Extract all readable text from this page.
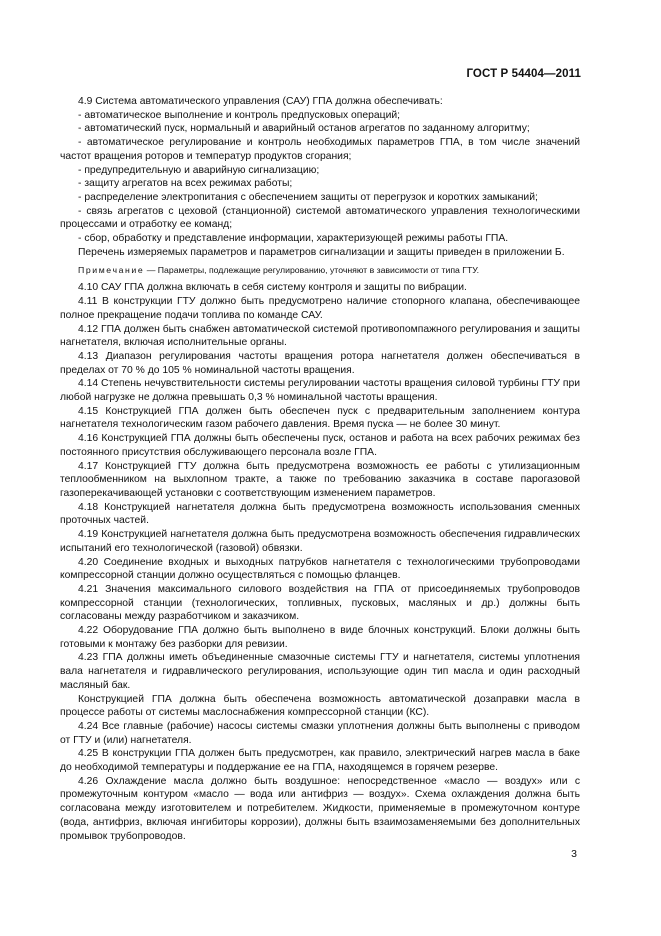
ГОСТ Р 54404—2011

4.9 Система автоматического управления (САУ) ГПА должна обеспечивать:

- автоматическое выполнение и контроль предпусковых операций;

- автоматический пуск, нормальный и аварийный останов агрегатов по заданному алгоритму;

- автоматическое регулирование и контроль необходимых параметров ГПА, в том числе значений частот вращения роторов и температур продуктов сгорания;

- предупредительную и аварийную сигнализацию;

- защиту агрегатов на всех режимах работы;

- распределение электропитания с обеспечением защиты от перегрузок и коротких замыканий;

- связь агрегатов с цеховой (станционной) системой автоматического управления технологическими процессами и отработку ее команд;

- сбор, обработку и представление информации, характеризующей режимы работы ГПА.

Перечень измеряемых параметров и параметров сигнализации и защиты приведен в приложении Б.

Примечание — Параметры, подлежащие регулированию, уточняют в зависимости от типа ГТУ.

4.10 САУ ГПА должна включать в себя систему контроля и защиты по вибрации.

4.11 В конструкции ГТУ должно быть предусмотрено наличие стопорного клапана, обеспечивающее полное прекращение подачи топлива по команде САУ.

4.12 ГПА должен быть снабжен автоматической системой противопомпажного регулирования и защиты нагнетателя, включая исполнительные органы.

4.13 Диапазон регулирования частоты вращения ротора нагнетателя должен обеспечиваться в пределах от 70 % до 105 % номинальной частоты вращения.

4.14 Степень нечувствительности системы регулировании частоты вращения силовой турбины ГТУ при любой нагрузке не должна превышать 0,3 % номинальной частоты вращения.

4.15 Конструкцией ГПА должен быть обеспечен пуск с предварительным заполнением контура нагнетателя технологическим газом рабочего давления. Время пуска — не более 30 минут.

4.16 Конструкцией ГПА должны быть обеспечены пуск, останов и работа на всех рабочих режимах без постоянного присутствия обслуживающего персонала возле ГПА.

4.17 Конструкцией ГТУ должна быть предусмотрена возможность ее работы с утилизационным теплообменником на выхлопном тракте, а также по требованию заказчика в составе парогазовой газоперекачивающей установки с соответствующим изменением параметров.

4.18 Конструкцией нагнетателя должна быть предусмотрена возможность использования сменных проточных частей.

4.19 Конструкцией нагнетателя должна быть предусмотрена возможность обеспечения гидравлических испытаний его технологической (газовой) обвязки.

4.20 Соединение входных и выходных патрубков нагнетателя с технологическими трубопроводами компрессорной станции должно осуществляться с помощью фланцев.

4.21 Значения максимального силового воздействия на ГПА от присоединяемых трубопроводов компрессорной станции (технологических, топливных, пусковых, масляных и др.) должны быть согласованы между разработчиком и заказчиком.

4.22 Оборудование ГПА должно быть выполнено в виде блочных конструкций. Блоки должны быть готовыми к монтажу без разборки для ревизии.

4.23 ГПА должны иметь объединенные смазочные системы ГТУ и нагнетателя, системы уплотнения вала нагнетателя и гидравлического регулирования, использующие один тип масла и один расходный масляный бак.

Конструкцией ГПА должна быть обеспечена возможность автоматической дозаправки масла в процессе работы от системы маслоснабжения компрессорной станции (КС).

4.24 Все главные (рабочие) насосы системы смазки уплотнения должны быть выполнены с приводом от ГТУ и (или) нагнетателя.

4.25 В конструкции ГПА должен быть предусмотрен, как правило, электрический нагрев масла в баке до необходимой температуры и поддержание ее на ГПА, находящемся в горячем резерве.

4.26 Охлаждение масла должно быть воздушное: непосредственное «масло — воздух» или с промежуточным контуром «масло — вода или антифриз — воздух». Схема охлаждения должна быть согласована между изготовителем и потребителем. Жидкости, применяемые в промежуточном контуре (вода, антифриз, включая ингибиторы коррозии), должны быть взаимозаменяемыми без дополнительных промывок трубопроводов.

3
